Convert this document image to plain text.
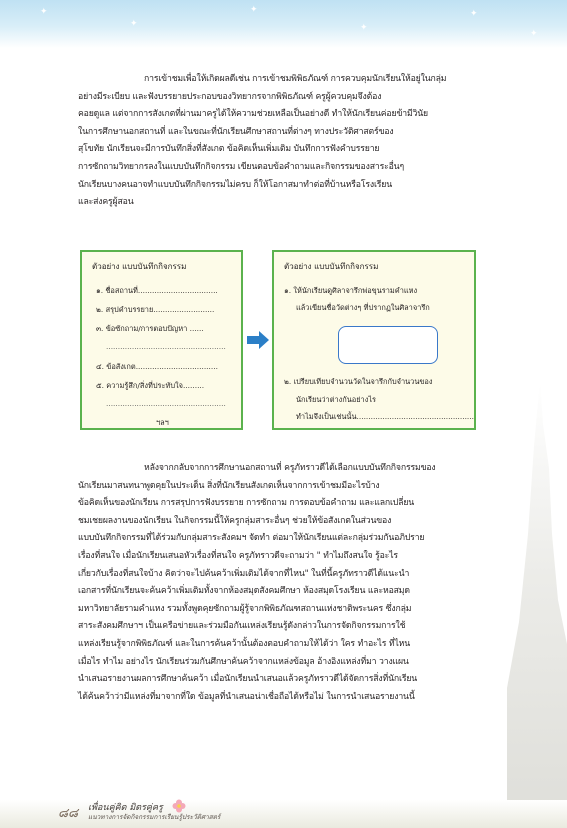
✦
✦
✦
✦
✦
✦
การเข้าชมเพื่อให้เกิดผลดีเช่น การเข้าชมพิพิธภัณฑ์ การควบคุมนักเรียนให้อยู่ในกลุ่ม
อย่างมีระเบียบ และฟังบรรยายประกอบของวิทยากรจากพิพิธภัณฑ์ ครูผู้ควบคุมจึงต้อง
คอยดูแล แต่จากการสังเกตที่ผ่านมาครูได้ให้ความช่วยเหลือเป็นอย่างดี ทำให้นักเรียนค่อยข้ามีวินัย
ในการศึกษานอกสถานที่ และในขณะที่นักเรียนศึกษาสถานที่ต่างๆ ทางประวัติศาสตร์ของ
สุโขทัย นักเรียนจะมีการบันทึกสิ่งที่สังเกต ข้อคิดเห็นเพิ่มเติม บันทึกการฟังคำบรรยาย
การซักถามวิทยากรลงในแบบบันทึกกิจกรรม เขียนตอบข้อคำถามและกิจกรรมของสาระอื่นๆ
นักเรียนบางคนอาจทำแบบบันทึกกิจกรรมไม่ครบ ก็ให้โอกาสมาทำต่อที่บ้านหรือโรงเรียน
และส่งครูผู้สอน
ตัวอย่าง แบบบันทึกกิจกรรม
๑. ชื่อสถานที่..................................
๒. สรุปคำบรรยาย..........................
๓. ข้อซักถาม/การตอบปัญหา ......
...................................................
๔. ข้อสังเกต...................................
๕. ความรู้สึก/สิ่งที่ประทับใจ.........
...................................................
ฯลฯ
ตัวอย่าง แบบบันทึกกิจกรรม
๑. ให้นักเรียนดูศิลาจารึกพ่อขุนรามคำแหง
แล้วเขียนชื่อวัดต่างๆ ที่ปรากฏในศิลาจารึก
๒. เปรียบเทียบจำนวนวัดในจารึกกับจำนวนของ
นักเรียนว่าต่างกันอย่างไร
ทำไมจึงเป็นเช่นนั้น..................................................
หลังจากกลับจากการศึกษานอกสถานที่ ครูภัทราวดีได้เลือกแบบบันทึกกิจกรรมของ
นักเรียนมาสนทนาพูดคุยในประเด็น สิ่งที่นักเรียนสังเกตเห็นจากการเข้าชมมีอะไรบ้าง
ข้อคิดเห็นของนักเรียน การสรุปการฟังบรรยาย การซักถาม การตอบข้อคำถาม และแลกเปลี่ยน
ชมเชยผลงานของนักเรียน ในกิจกรรมนี้ให้ครูกลุ่มสาระอื่นๆ ช่วยให้ข้อสังเกตในส่วนของ
แบบบันทึกกิจกรรมที่ได้ร่วมกับกลุ่มสาระสังคมฯ จัดทำ ต่อมาให้นักเรียนแต่ละกลุ่มร่วมกันอภิปราย
เรื่องที่สนใจ เมื่อนักเรียนเสนอหัวเรื่องที่สนใจ ครูภัทราวดีจะถามว่า " ทำไมถึงสนใจ รู้อะไร
เกี่ยวกับเรื่องที่สนใจบ้าง คิดว่าจะไปค้นคว้าเพิ่มเติมได้จากที่ไหน" ในที่นี้ครูภัทราวดีได้แนะนำ
เอกสารที่นักเรียนจะค้นคว้าเพิ่มเติมทั้งจากห้องสมุดสังคมศึกษา ห้องสมุดโรงเรียน และหอสมุด
มหาวิทยาลัยรามคำแหง รวมทั้งพูดคุยซักถามผู้รู้จากพิพิธภัณฑสถานแห่งชาติพระนคร ซึ่งกลุ่ม
สาระสังคมศึกษาฯ เป็นเครือข่ายและร่วมมือกันแหล่งเรียนรู้ดังกล่าวในการจัดกิจกรรมการใช้
แหล่งเรียนรู้จากพิพิธภัณฑ์ และในการค้นคว้านั้นต้องตอบคำถามให้ได้ว่า ใคร ทำอะไร ที่ไหน
เมื่อไร ทำไม อย่างไร นักเรียนร่วมกันศึกษาค้นคว้าจากแหล่งข้อมูล อ้างอิงแหล่งที่มา วางแผน
นำเสนอรายงานผลการศึกษาค้นคว้า เมื่อนักเรียนนำเสนอแล้วครูภัทราวดีได้จัดการสิ่งที่นักเรียน
ได้ค้นคว้าว่ามีแหล่งที่มาจากที่ใด ข้อมูลที่นำเสนอน่าเชื่อถือได้หรือไม่ ในการนำเสนอรายงานนี้
๘๘ เพื่อนคู่คิด มิตรคู่ครู
แนวทางการจัดกิจกรรมการเรียนรู้ประวัติศาสตร์
